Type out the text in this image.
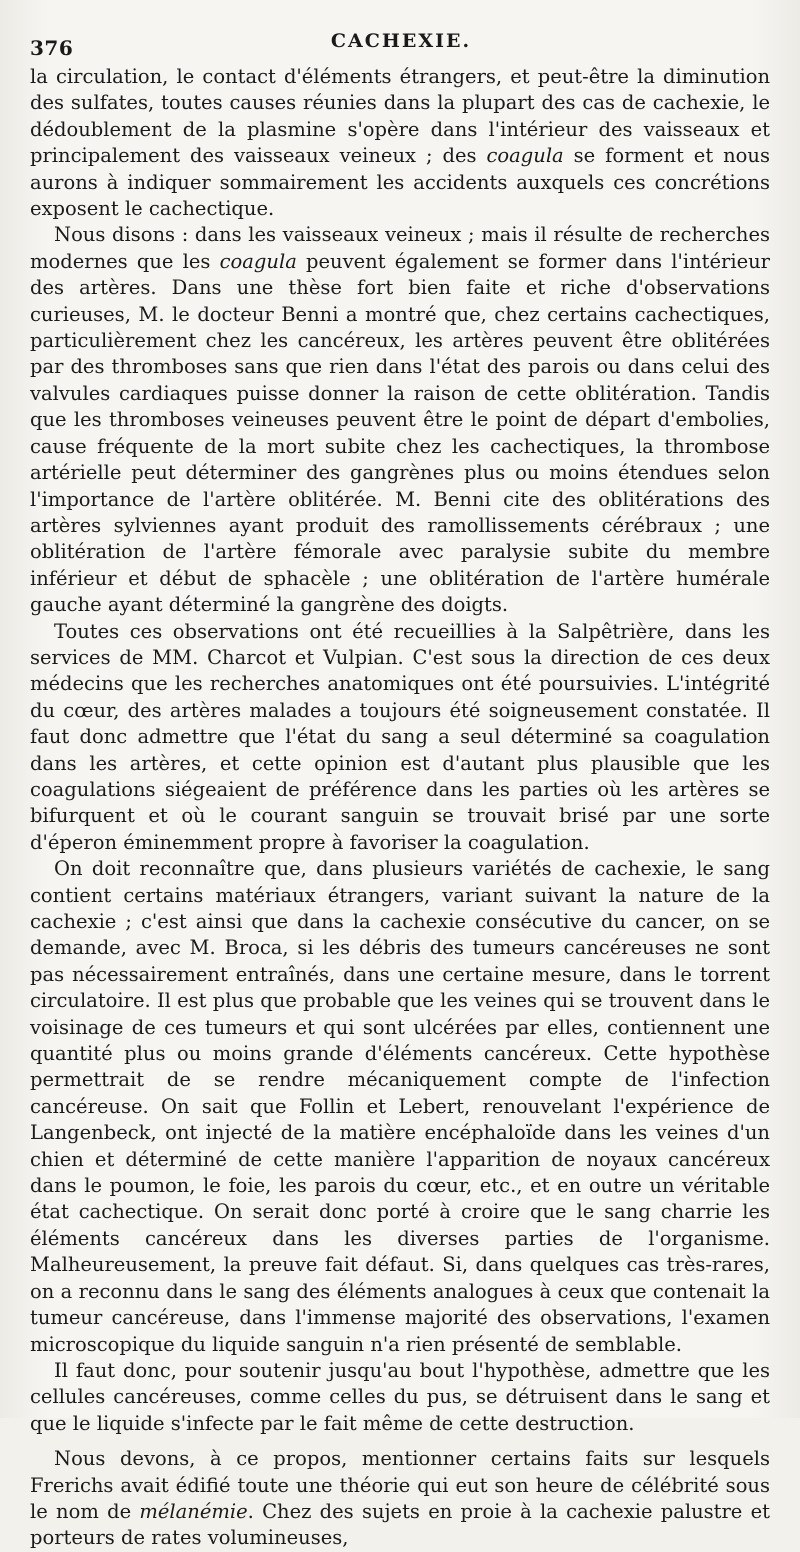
376	CACHEXIE.

la circulation, le contact d'éléments étrangers, et peut-être la diminution des sulfates, toutes causes réunies dans la plupart des cas de cachexie, le dédoublement de la plasmine s'opère dans l'intérieur des vaisseaux et principalement des vaisseaux veineux ; des coagula se forment et nous aurons à indiquer sommairement les accidents auxquels ces concrétions exposent le cachectique.

Nous disons : dans les vaisseaux veineux ; mais il résulte de recherches modernes que les coagula peuvent également se former dans l'intérieur des artères. Dans une thèse fort bien faite et riche d'observations curieuses, M. le docteur Benni a montré que, chez certains cachectiques, particulièrement chez les cancéreux, les artères peuvent être oblitérées par des thromboses sans que rien dans l'état des parois ou dans celui des valvules cardiaques puisse donner la raison de cette oblitération. Tandis que les thromboses veineuses peuvent être le point de départ d'embolies, cause fréquente de la mort subite chez les cachectiques, la thrombose artérielle peut déterminer des gangrènes plus ou moins étendues selon l'importance de l'artère oblitérée. M. Benni cite des oblitérations des artères sylviennes ayant produit des ramollissements cérébraux ; une oblitération de l'artère fémorale avec paralysie subite du membre inférieur et début de sphacèle ; une oblitération de l'artère humérale gauche ayant déterminé la gangrène des doigts.

Toutes ces observations ont été recueillies à la Salpêtrière, dans les services de MM. Charcot et Vulpian. C'est sous la direction de ces deux médecins que les recherches anatomiques ont été poursuivies. L'intégrité du cœur, des artères malades a toujours été soigneusement constatée. Il faut donc admettre que l'état du sang a seul déterminé sa coagulation dans les artères, et cette opinion est d'autant plus plausible que les coagulations siégeaient de préférence dans les parties où les artères se bifurquent et où le courant sanguin se trouvait brisé par une sorte d'éperon éminemment propre à favoriser la coagulation.

On doit reconnaître que, dans plusieurs variétés de cachexie, le sang contient certains matériaux étrangers, variant suivant la nature de la cachexie ; c'est ainsi que dans la cachexie consécutive du cancer, on se demande, avec M. Broca, si les débris des tumeurs cancéreuses ne sont pas nécessairement entraînés, dans une certaine mesure, dans le torrent circulatoire. Il est plus que probable que les veines qui se trouvent dans le voisinage de ces tumeurs et qui sont ulcérées par elles, contiennent une quantité plus ou moins grande d'éléments cancéreux. Cette hypothèse permettrait de se rendre mécaniquement compte de l'infection cancéreuse. On sait que Follin et Lebert, renouvelant l'expérience de Langenbeck, ont injecté de la matière encéphaloïde dans les veines d'un chien et déterminé de cette manière l'apparition de noyaux cancéreux dans le poumon, le foie, les parois du cœur, etc., et en outre un véritable état cachectique. On serait donc porté à croire que le sang charrie les éléments cancéreux dans les diverses parties de l'organisme. Malheureusement, la preuve fait défaut. Si, dans quelques cas très-rares, on a reconnu dans le sang des éléments analogues à ceux que contenait la tumeur cancéreuse, dans l'immense majorité des observations, l'examen microscopique du liquide sanguin n'a rien présenté de semblable.

Il faut donc, pour soutenir jusqu'au bout l'hypothèse, admettre que les cellules cancéreuses, comme celles du pus, se détruisent dans le sang et que le liquide s'infecte par le fait même de cette destruction.

Nous devons, à ce propos, mentionner certains faits sur lesquels Frerichs avait édifié toute une théorie qui eut son heure de célébrité sous le nom de mélanémie. Chez des sujets en proie à la cachexie palustre et porteurs de rates volumineuses,
